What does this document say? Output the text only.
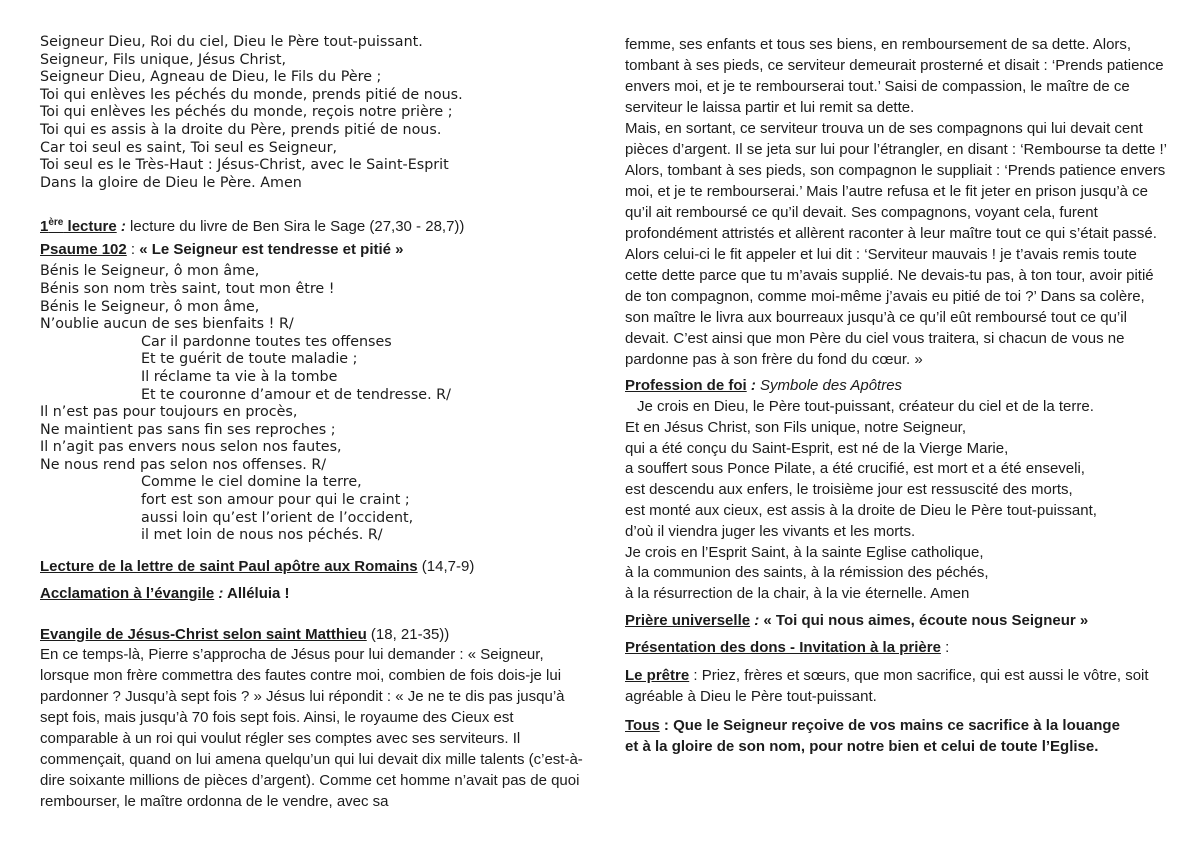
Seigneur Dieu, Roi du ciel, Dieu le Père tout-puissant.
Seigneur, Fils unique, Jésus Christ,
Seigneur Dieu, Agneau de Dieu, le Fils du Père ;
Toi qui enlèves les péchés du monde, prends pitié de nous.
Toi qui enlèves les péchés du monde, reçois notre prière ;
Toi qui es assis à la droite du Père, prends pitié de nous.
Car toi seul es saint, Toi seul es Seigneur,
Toi seul es le Très-Haut : Jésus-Christ, avec le Saint-Esprit
Dans la gloire de Dieu le Père. Amen
1ère lecture : lecture du livre de Ben Sira le Sage (27,30 - 28,7))
Psaume 102 : « Le Seigneur est tendresse et pitié »
Bénis le Seigneur, ô mon âme,
Bénis son nom très saint, tout mon être !
Bénis le Seigneur, ô mon âme,
N’oublie aucun de ses bienfaits ! R/
Car il pardonne toutes tes offenses
Et te guérit de toute maladie ;
Il réclame ta vie à la tombe
Et te couronne d’amour et de tendresse. R/
Il n’est pas pour toujours en procès,
Ne maintient pas sans fin ses reproches ;
Il n’agit pas envers nous selon nos fautes,
Ne nous rend pas selon nos offenses. R/
Comme le ciel domine la terre,
fort est son amour pour qui le craint ;
aussi loin qu’est l’orient de l’occident,
il met loin de nous nos péchés. R/
Lecture de la lettre de saint Paul apôtre aux Romains (14,7-9)
Acclamation à l’évangile : Alléluia !
Evangile de Jésus-Christ selon saint Matthieu (18, 21-35))

En ce temps-là, Pierre s’approcha de Jésus pour lui demander : « Seigneur, lorsque mon frère commettra des fautes contre moi, combien de fois dois-je lui pardonner ? Jusqu’à sept fois ? » Jésus lui répondit : « Je ne te dis pas jusqu’à sept fois, mais jusqu’à 70 fois sept fois. Ainsi, le royaume des Cieux est comparable à un roi qui voulut régler ses comptes avec ses serviteurs. Il commençait, quand on lui amena quelqu’un qui lui devait dix mille talents (c’est-à-dire soixante millions de pièces d’argent). Comme cet homme n’avait pas de quoi rembourser, le maître ordonna de le vendre, avec sa

femme, ses enfants et tous ses biens, en remboursement de sa dette. Alors, tombant à ses pieds, ce serviteur demeurait prosterné et disait : ‘Prends patience envers moi, et je te rembourserai tout.’ Saisi de compassion, le maître de ce serviteur le laissa partir et lui remit sa dette.

Mais, en sortant, ce serviteur trouva un de ses compagnons qui lui devait cent pièces d’argent. Il se jeta sur lui pour l’étrangler, en disant : ‘Rembourse ta dette !’ Alors, tombant à ses pieds, son compagnon le suppliait : ‘Prends patience envers moi, et je te rembourserai.’ Mais l’autre refusa et le fit jeter en prison jusqu’à ce qu’il ait remboursé ce qu’il devait. Ses compagnons, voyant cela, furent profondément attristés et allèrent raconter à leur maître tout ce qui s’était passé. Alors celui-ci le fit appeler et lui dit : ‘Serviteur mauvais ! je t’avais remis toute cette dette parce que tu m’avais supplié. Ne devais-tu pas, à ton tour, avoir pitié de ton compagnon, comme moi-même j’avais eu pitié de toi ?’ Dans sa colère, son maître le livra aux bourreaux jusqu’à ce qu’il eût remboursé tout ce qu’il devait. C’est ainsi que mon Père du ciel vous traitera, si chacun de vous ne pardonne pas à son frère du fond du cœur. »

Profession de foi : Symbole des Apôtres
Je crois en Dieu, le Père tout-puissant, créateur du ciel et de la terre.
Et en Jésus Christ, son Fils unique, notre Seigneur,
qui a été conçu du Saint-Esprit, est né de la Vierge Marie,
a souffert sous Ponce Pilate, a été crucifié, est mort et a été enseveli,
est descendu aux enfers, le troisième jour est ressuscité des morts,
est monté aux cieux, est assis à la droite de Dieu le Père tout-puissant,
d’où il viendra juger les vivants et les morts.
Je crois en l’Esprit Saint, à la sainte Eglise catholique,
à la communion des saints, à la rémission des péchés,
à la résurrection de la chair, à la vie éternelle. Amen
Prière universelle : « Toi qui nous aimes, écoute nous Seigneur »
Présentation des dons - Invitation à la prière :

Le prêtre : Priez, frères et sœurs, que mon sacrifice, qui est aussi le vôtre, soit agréable à Dieu le Père tout-puissant.

Tous : Que le Seigneur reçoive de vos mains ce sacrifice à la louange

et à la gloire de son nom, pour notre bien et celui de toute l’Eglise.
